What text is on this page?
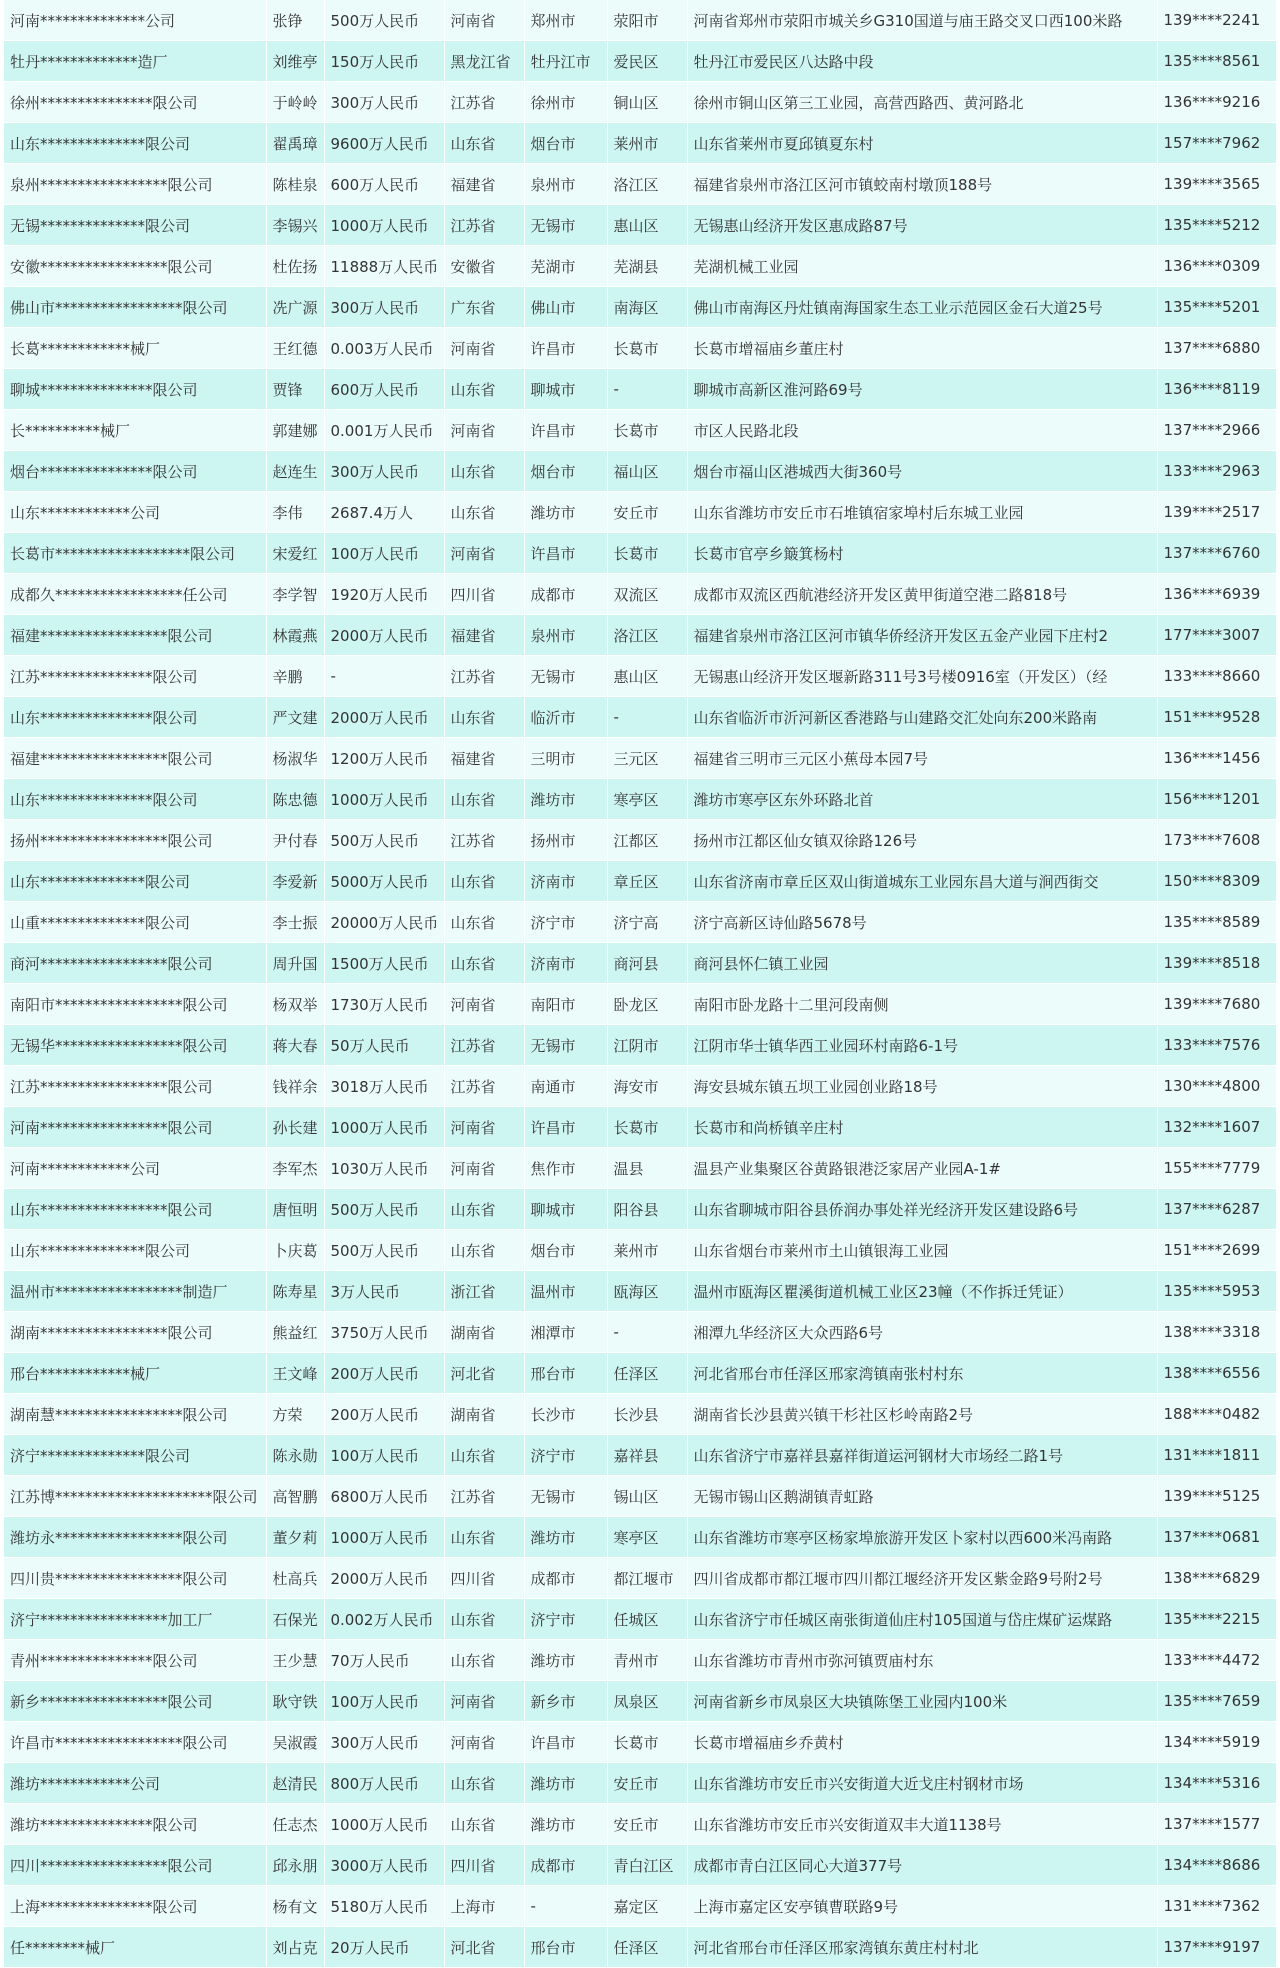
河南**************公司	张铮	500万人民币	河南省	郑州市	荥阳市	河南省郑州市荥阳市城关乡G310国道与庙王路交叉口西100米路	139****2241
牡丹*************造厂	刘维亭	150万人民币	黑龙江省	牡丹江市	爱民区	牡丹江市爱民区八达路中段	135****8561
徐州***************限公司	于岭岭	300万人民币	江苏省	徐州市	铜山区	徐州市铜山区第三工业园，高营西路西、黄河路北	136****9216
山东**************限公司	翟禹璋	9600万人民币	山东省	烟台市	莱州市	山东省莱州市夏邱镇夏东村	157****7962
泉州*****************限公司	陈桂泉	600万人民币	福建省	泉州市	洛江区	福建省泉州市洛江区河市镇蛟南村墩顶188号	139****3565
无锡**************限公司	李锡兴	1000万人民币	江苏省	无锡市	惠山区	无锡惠山经济开发区惠成路87号	135****5212
安徽*****************限公司	杜佐扬	11888万人民币	安徽省	芜湖市	芜湖县	芜湖机械工业园	136****0309
佛山市*****************限公司	冼广源	300万人民币	广东省	佛山市	南海区	佛山市南海区丹灶镇南海国家生态工业示范园区金石大道25号	135****5201
长葛************械厂	王红德	0.003万人民币	河南省	许昌市	长葛市	长葛市增福庙乡董庄村	137****6880
聊城***************限公司	贾锋	600万人民币	山东省	聊城市	-	聊城市高新区淮河路69号	136****8119
长**********械厂	郭建娜	0.001万人民币	河南省	许昌市	长葛市	市区人民路北段	137****2966
烟台***************限公司	赵连生	300万人民币	山东省	烟台市	福山区	烟台市福山区港城西大街360号	133****2963
山东************公司	李伟	2687.4万人	山东省	潍坊市	安丘市	山东省潍坊市安丘市石堆镇宿家埠村后东城工业园	139****2517
长葛市******************限公司	宋爱红	100万人民币	河南省	许昌市	长葛市	长葛市官亭乡簸箕杨村	137****6760
成都久*****************任公司	李学智	1920万人民币	四川省	成都市	双流区	成都市双流区西航港经济开发区黄甲街道空港二路818号	136****6939
福建*****************限公司	林霞燕	2000万人民币	福建省	泉州市	洛江区	福建省泉州市洛江区河市镇华侨经济开发区五金产业园下庄村2	177****3007
江苏***************限公司	辛鹏	-	江苏省	无锡市	惠山区	无锡惠山经济开发区堰新路311号3号楼0916室（开发区）（经	133****8660
山东***************限公司	严文建	2000万人民币	山东省	临沂市	-	山东省临沂市沂河新区香港路与山建路交汇处向东200米路南	151****9528
福建*****************限公司	杨淑华	1200万人民币	福建省	三明市	三元区	福建省三明市三元区小蕉母本园7号	136****1456
山东***************限公司	陈忠德	1000万人民币	山东省	潍坊市	寒亭区	潍坊市寒亭区东外环路北首	156****1201
扬州*****************限公司	尹付春	500万人民币	江苏省	扬州市	江都区	扬州市江都区仙女镇双徐路126号	173****7608
山东**************限公司	李爱新	5000万人民币	山东省	济南市	章丘区	山东省济南市章丘区双山街道城东工业园东昌大道与涧西街交	150****8309
山重**************限公司	李士振	20000万人民币	山东省	济宁市	济宁高	济宁高新区诗仙路5678号	135****8589
商河*****************限公司	周升国	1500万人民币	山东省	济南市	商河县	商河县怀仁镇工业园	139****8518
南阳市*****************限公司	杨双举	1730万人民币	河南省	南阳市	卧龙区	南阳市卧龙路十二里河段南侧	139****7680
无锡华*****************限公司	蒋大春	50万人民币	江苏省	无锡市	江阴市	江阴市华士镇华西工业园环村南路6-1号	133****7576
江苏*****************限公司	钱祥余	3018万人民币	江苏省	南通市	海安市	海安县城东镇五坝工业园创业路18号	130****4800
河南*****************限公司	孙长建	1000万人民币	河南省	许昌市	长葛市	长葛市和尚桥镇辛庄村	132****1607
河南************公司	李军杰	1030万人民币	河南省	焦作市	温县	温县产业集聚区谷黄路银港泛家居产业园A-1#	155****7779
山东*****************限公司	唐恒明	500万人民币	山东省	聊城市	阳谷县	山东省聊城市阳谷县侨润办事处祥光经济开发区建设路6号	137****6287
山东**************限公司	卜庆葛	500万人民币	山东省	烟台市	莱州市	山东省烟台市莱州市土山镇银海工业园	151****2699
温州市*****************制造厂	陈寿星	3万人民币	浙江省	温州市	瓯海区	温州市瓯海区瞿溪街道机械工业区23幢（不作拆迁凭证）	135****5953
湖南*****************限公司	熊益红	3750万人民币	湖南省	湘潭市	-	湘潭九华经济区大众西路6号	138****3318
邢台************械厂	王文峰	200万人民币	河北省	邢台市	任泽区	河北省邢台市任泽区邢家湾镇南张村村东	138****6556
湖南慧*****************限公司	方荣	200万人民币	湖南省	长沙市	长沙县	湖南省长沙县黄兴镇干杉社区杉岭南路2号	188****0482
济宁**************限公司	陈永勋	100万人民币	山东省	济宁市	嘉祥县	山东省济宁市嘉祥县嘉祥街道运河钢材大市场经二路1号	131****1811
江苏博*********************限公司	高智鹏	6800万人民币	江苏省	无锡市	锡山区	无锡市锡山区鹅湖镇青虹路	139****5125
潍坊永*****************限公司	董夕莉	1000万人民币	山东省	潍坊市	寒亭区	山东省潍坊市寒亭区杨家埠旅游开发区卜家村以西600米冯南路	137****0681
四川贵*****************限公司	杜高兵	2000万人民币	四川省	成都市	都江堰市	四川省成都市都江堰市四川都江堰经济开发区紫金路9号附2号	138****6829
济宁*****************加工厂	石保光	0.002万人民币	山东省	济宁市	任城区	山东省济宁市任城区南张街道仙庄村105国道与岱庄煤矿运煤路	135****2215
青州***************限公司	王少慧	70万人民币	山东省	潍坊市	青州市	山东省潍坊市青州市弥河镇贾庙村东	133****4472
新乡*****************限公司	耿守铁	100万人民币	河南省	新乡市	凤泉区	河南省新乡市凤泉区大块镇陈堡工业园内100米	135****7659
许昌市*****************限公司	吴淑霞	300万人民币	河南省	许昌市	长葛市	长葛市增福庙乡乔黄村	134****5919
潍坊************公司	赵清民	800万人民币	山东省	潍坊市	安丘市	山东省潍坊市安丘市兴安街道大近戈庄村钢材市场	134****5316
潍坊***************限公司	任志杰	1000万人民币	山东省	潍坊市	安丘市	山东省潍坊市安丘市兴安街道双丰大道1138号	137****1577
四川*****************限公司	邱永朋	3000万人民币	四川省	成都市	青白江区	成都市青白江区同心大道377号	134****8686
上海***************限公司	杨有文	5180万人民币	上海市	-	嘉定区	上海市嘉定区安亭镇曹联路9号	131****7362
任********械厂	刘占克	20万人民币	河北省	邢台市	任泽区	河北省邢台市任泽区邢家湾镇东黄庄村村北	137****9197
